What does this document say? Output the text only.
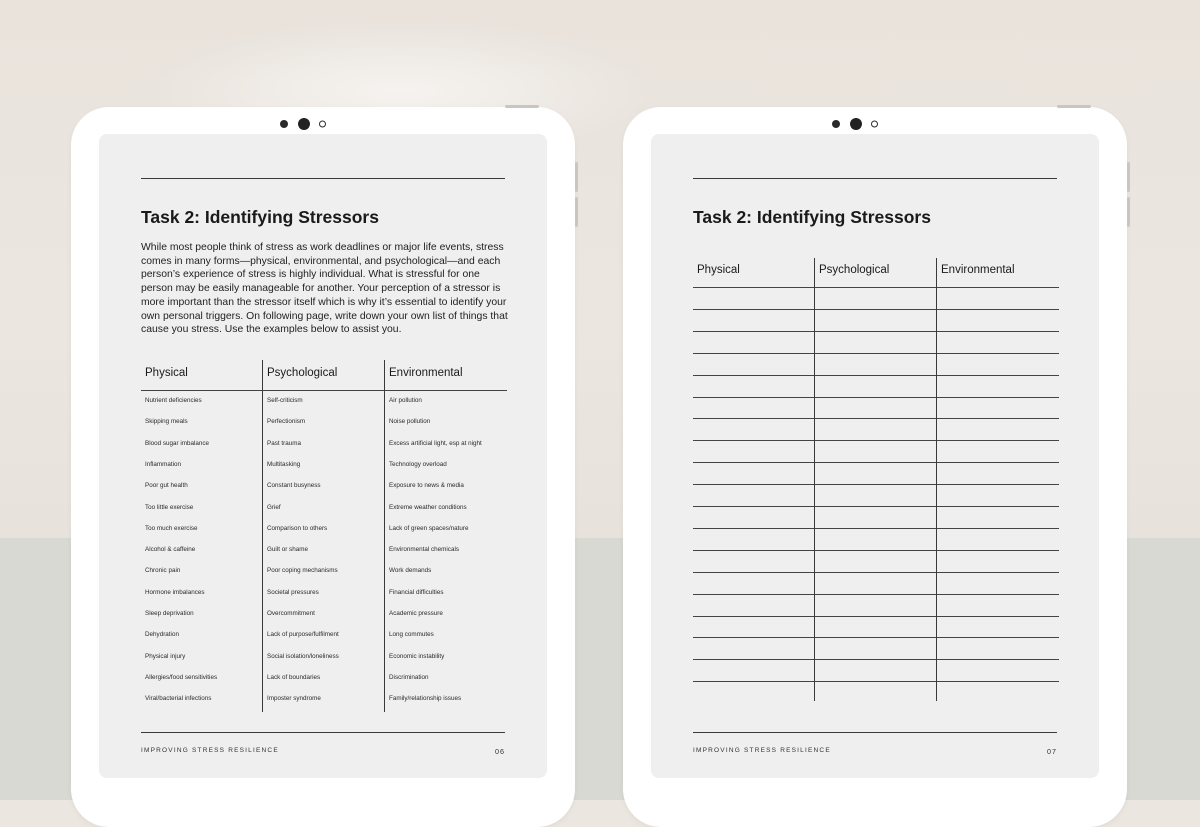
Task 2: Identifying Stressors
While most people think of stress as work deadlines or major life events, stress comes in many forms—physical, environmental, and psychological—and each person’s experience of stress is highly individual. What is stressful for one person may be easily manageable for another. Your perception of a stressor is more important than the stressor itself which is why it’s essential to identify your own personal triggers. On following page, write down your own list of things that cause you stress. Use the examples below to assist you.
Physical	Psychological	Environmental
Nutrient deficiencies	Self-criticism	Air pollution
Skipping meals	Perfectionism	Noise pollution
Blood sugar imbalance	Past trauma	Excess artificial light, esp at night
Inflammation	Multitasking	Technology overload
Poor gut health	Constant busyness	Exposure to news & media
Too little exercise	Grief	Extreme weather conditions
Too much exercise	Comparison to others	Lack of green spaces/nature
Alcohol & caffeine	Guilt or shame	Environmental chemicals
Chronic pain	Poor coping mechanisms	Work demands
Hormone imbalances	Societal pressures	Financial difficulties
Sleep deprivation	Overcommitment	Academic pressure
Dehydration	Lack of purpose/fulfilment	Long commutes
Physical injury	Social isolation/loneliness	Economic instability
Allergies/food sensitivities	Lack of boundaries	Discrimination
Viral/bacterial infections	Imposter syndrome	Family/relationship issues
IMPROVING STRESS RESILIENCE	06
Task 2: Identifying Stressors
Physical	Psychological	Environmental
IMPROVING STRESS RESILIENCE	07
